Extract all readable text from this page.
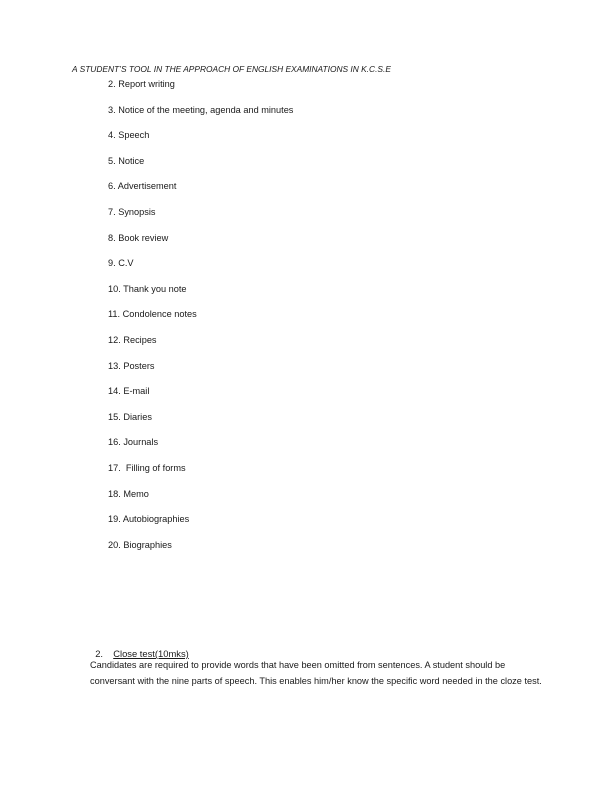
A STUDENT’S TOOL IN THE APPROACH OF ENGLISH EXAMINATIONS IN K.C.S.E
2. Report writing
3. Notice of the meeting, agenda and minutes
4. Speech
5. Notice
6. Advertisement
7. Synopsis
8. Book review
9. C.V
10. Thank you note
11. Condolence notes
12. Recipes
13. Posters
14. E-mail
15. Diaries
16. Journals
17.  Filling of forms
18. Memo
19. Autobiographies
20. Biographies

2. Close test(10mks)

Candidates are required to provide words that have been omitted from sentences. A student should be conversant with the nine parts of speech. This enables him/her know the specific word needed in the cloze test.
